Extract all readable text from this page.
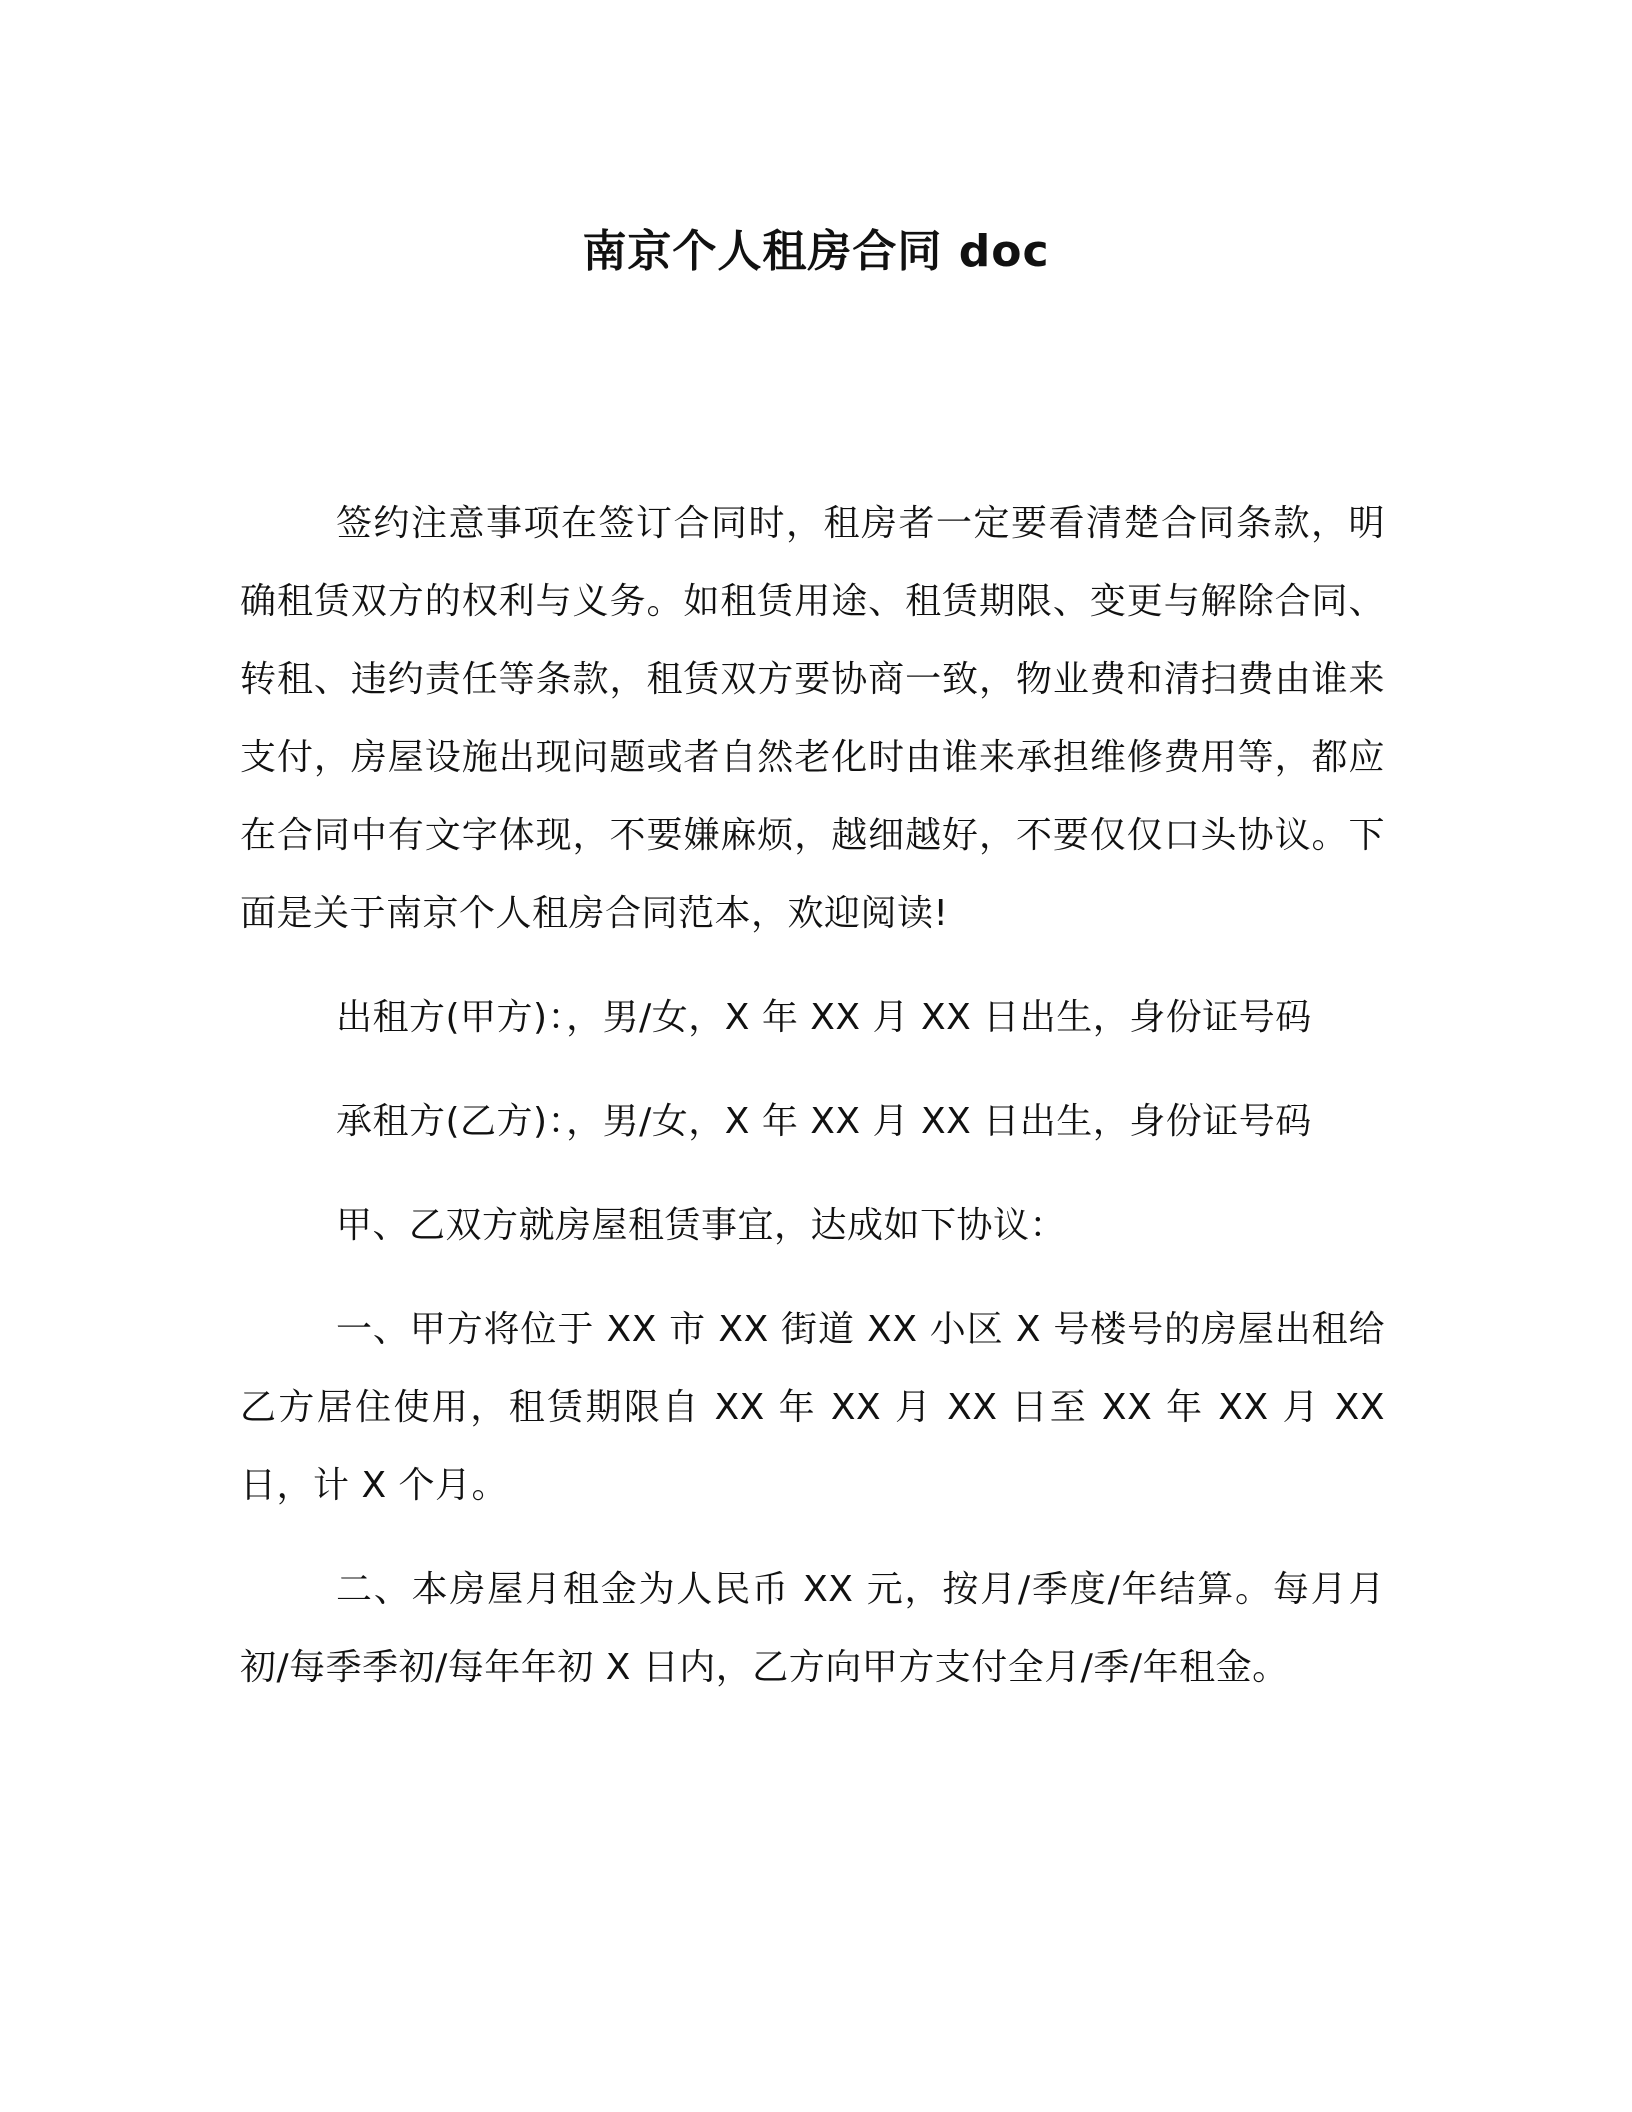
南京个人租房合同 doc

签约注意事项在签订合同时，租房者一定要看清楚合同条款，明确租赁双方的权利与义务。如租赁用途、租赁期限、变更与解除合同、转租、违约责任等条款，租赁双方要协商一致，物业费和清扫费由谁来支付，房屋设施出现问题或者自然老化时由谁来承担维修费用等，都应在合同中有文字体现，不要嫌麻烦，越细越好，不要仅仅口头协议。下面是关于南京个人租房合同范本，欢迎阅读!

出租方(甲方)：，男/女，X 年 XX 月 XX 日出生，身份证号码

承租方(乙方)：，男/女，X 年 XX 月 XX 日出生，身份证号码

甲、乙双方就房屋租赁事宜，达成如下协议：

一、甲方将位于 XX 市 XX 街道 XX 小区 X 号楼号的房屋出租给乙方居住使用，租赁期限自 XX 年 XX 月 XX 日至 XX 年 XX 月 XX 日，计 X 个月。

二、本房屋月租金为人民币 XX 元，按月/季度/年结算。每月月初/每季季初/每年年初 X 日内，乙方向甲方支付全月/季/年租金。
